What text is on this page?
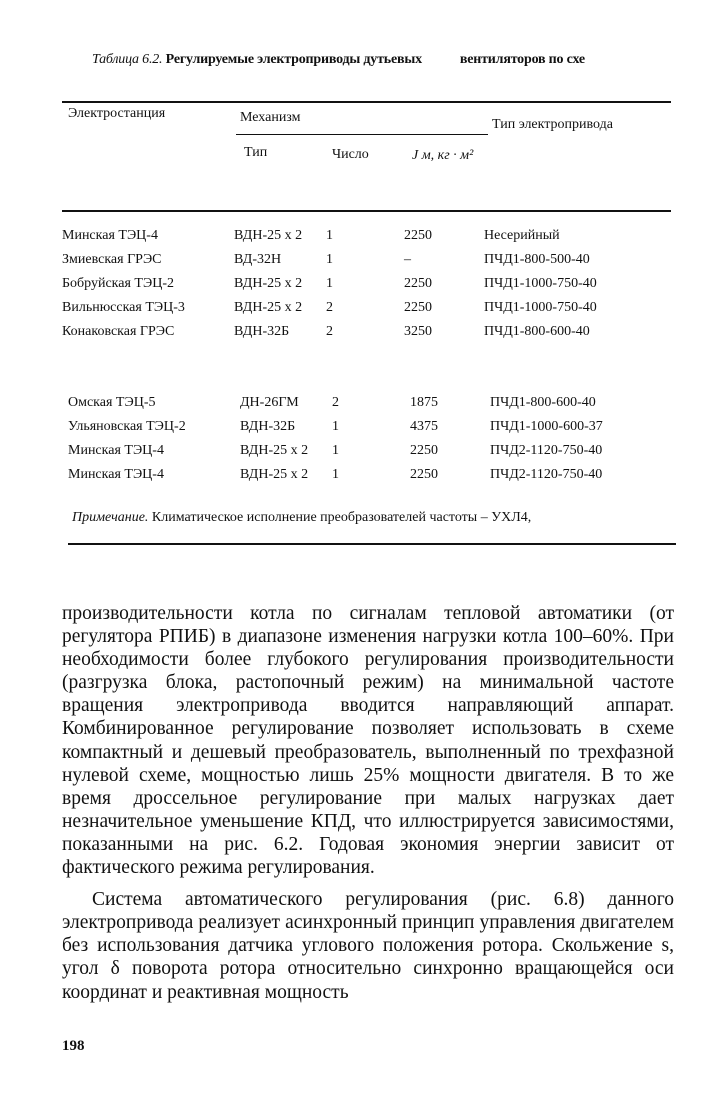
Таблица 6.2. Регулируемые электроприводы дутьевых	вентиляторов по схе
Электростанция	Механизм	Тип электропривода
Тип	Число	J м, кг · м²
Минская ТЭЦ-4	ВДН-25 х 2	1	2250	Несерийный
Змиевская ГРЭС	ВД-32Н	1	–	ПЧД1-800-500-40
Бобруйская ТЭЦ-2	ВДН-25 х 2	1	2250	ПЧД1-1000-750-40
Вильнюсская ТЭЦ-3	ВДН-25 х 2	2	2250	ПЧД1-1000-750-40
Конаковская ГРЭС	ВДН-32Б	2	3250	ПЧД1-800-600-40
Омская ТЭЦ-5	ДН-26ГМ	2	1875	ПЧД1-800-600-40
Ульяновская ТЭЦ-2	ВДН-32Б	1	4375	ПЧД1-1000-600-37
Минская ТЭЦ-4	ВДН-25 х 2	1	2250	ПЧД2-1120-750-40
Минская ТЭЦ-4	ВДН-25 х 2	1	2250	ПЧД2-1120-750-40
Примечание. Климатическое исполнение преобразователей частоты – УХЛ4,

производительности котла по сигналам тепловой автоматики (от регулятора РПИБ) в диапазоне изменения нагрузки котла 100–60%. При необходимости более глубокого регулирования производительности (разгрузка блока, растопочный режим) на минимальной частоте вращения электропривода вводится направляющий аппарат. Комбинированное регулирование позволяет использовать в схеме компактный и дешевый преобразователь, выполненный по трехфазной нулевой схеме, мощностью лишь 25% мощности двигателя. В то же время дроссельное регулирование при малых нагрузках дает незначительное уменьшение КПД, что иллюстрируется зависимостями, показанными на рис. 6.2. Годовая экономия энергии зависит от фактического режима регулирования.

Система автоматического регулирования (рис. 6.8) данного электропривода реализует асинхронный принцип управления двигателем без использования датчика углового положения ротора. Скольжение s, угол δ поворота ротора относительно синхронно вращающейся оси координат и реактивная мощность

198
